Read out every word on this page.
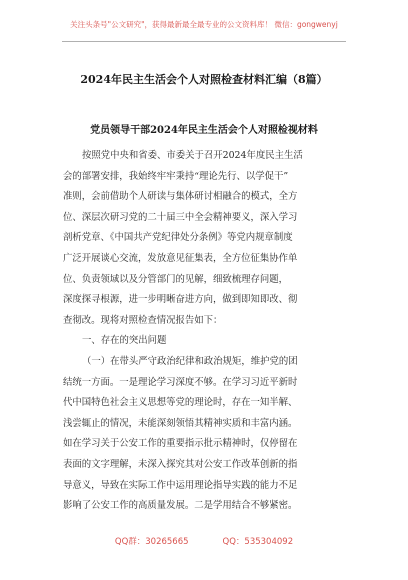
关注头条号"公文研究"，获得最新最全最专业的公文资料库！ 微信：gongwenyj
2024年民主生活会个人对照检查材料汇编（8篇）
党员领导干部2024年民主生活会个人对照检视材料
按照党中央和省委、市委关于召开2024年度民主生活
会的部署安排，我始终牢牢秉持“理论先行、以学促干”
准则，会前借助个人研读与集体研讨相融合的模式，全方
位、深层次研习党的二十届三中全会精神要义，深入学习
剖析党章、《中国共产党纪律处分条例》等党内规章制度
广泛开展谈心交流，发放意见征集表，全方位征集协作单
位、负责领域以及分管部门的见解，细致梳理存问题，
深度探寻根源，进一步明晰奋进方向，做到即知即改、彻
查彻改。现将对照检查情况报告如下：
一、存在的突出问题
（一）在带头严守政治纪律和政治规矩，维护党的团
结统一方面。一是理论学习深度不够。在学习习近平新时
代中国特色社会主义思想等党的理论时，存在一知半解、
浅尝辄止的情况，未能深刻领悟其精神实质和丰富内涵。
如在学习关于公安工作的重要指示批示精神时，仅停留在
表面的文字理解，未深入探究其对公安工作改革创新的指
导意义，导致在实际工作中运用理论指导实践的能力不足
影响了公安工作的高质量发展。二是学用结合不够紧密。
QQ群：30265665	QQ：535304092
